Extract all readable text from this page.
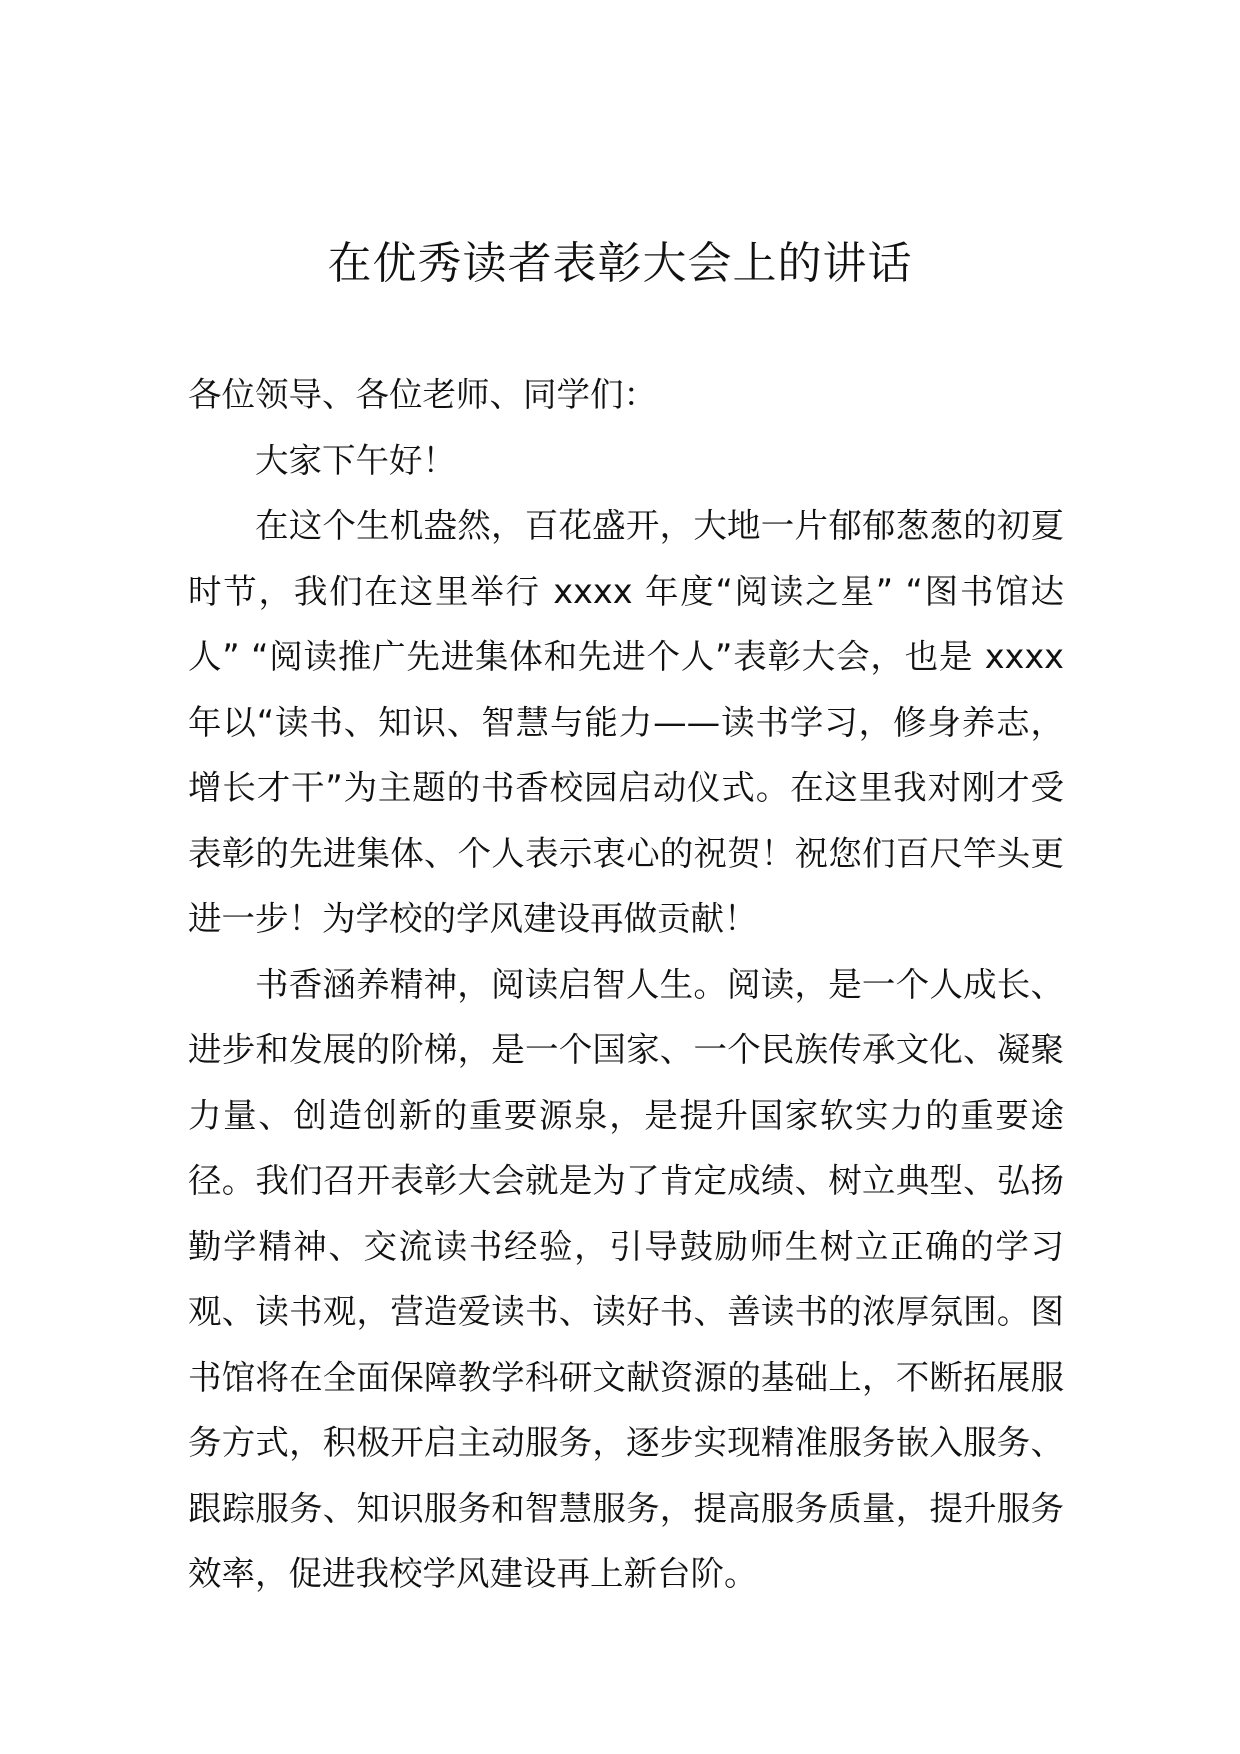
在优秀读者表彰大会上的讲话

各位领导、各位老师、同学们：

大家下午好！

在这个生机盎然，百花盛开，大地一片郁郁葱葱的初夏时节，我们在这里举行 xxxx 年度“阅读之星” “图书馆达人” “阅读推广先进集体和先进个人”表彰大会，也是 xxxx 年以“读书、知识、智慧与能力——读书学习，修身养志，增长才干”为主题的书香校园启动仪式。在这里我对刚才受表彰的先进集体、个人表示衷心的祝贺！祝您们百尺竿头更进一步！为学校的学风建设再做贡献！

书香涵养精神，阅读启智人生。阅读，是一个人成长、进步和发展的阶梯，是一个国家、一个民族传承文化、凝聚力量、创造创新的重要源泉，是提升国家软实力的重要途径。我们召开表彰大会就是为了肯定成绩、树立典型、弘扬勤学精神、交流读书经验，引导鼓励师生树立正确的学习观、读书观，营造爱读书、读好书、善读书的浓厚氛围。图书馆将在全面保障教学科研文献资源的基础上，不断拓展服务方式，积极开启主动服务，逐步实现精准服务嵌入服务、跟踪服务、知识服务和智慧服务，提高服务质量，提升服务效率，促进我校学风建设再上新台阶。
